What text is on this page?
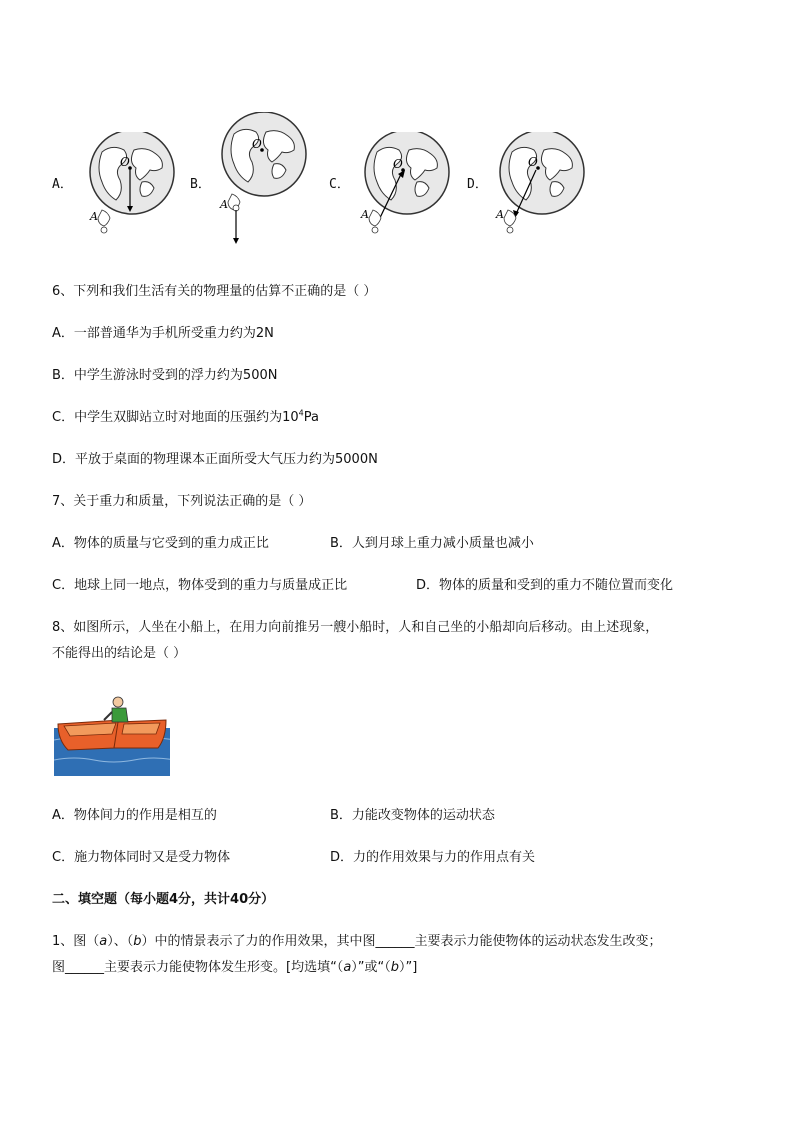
A．	B．	C．	D．
O
A
O
A
O
A
O
A
6、下列和我们生活有关的物理量的估算不正确的是（ ）
A．一部普通华为手机所受重力约为2N
B．中学生游泳时受到的浮力约为500N
C．中学生双脚站立时对地面的压强约为$10^4Pa$
D．平放于桌面的物理课本正面所受大气压力约为5000N
7、关于重力和质量，下列说法正确的是（ ）
A．物体的质量与它受到的重力成正比	B．人到月球上重力减小质量也减小
C．地球上同一地点，物体受到的重力与质量成正比	D．物体的质量和受到的重力不随位置而变化
8、如图所示，人坐在小船上，在用力向前推另一艘小船时，人和自己坐的小船却向后移动。由上述现象，
不能得出的结论是（ ）
A．物体间力的作用是相互的	B．力能改变物体的运动状态
C．施力物体同时又是受力物体	D．力的作用效果与力的作用点有关
二、填空题（每小题4分，共计40分）
1、图（a）、（b）中的情景表示了力的作用效果，其中图______主要表示力能使物体的运动状态发生改变；
图______主要表示力能使物体发生形变。[均选填“（a）”或“（b）”]
